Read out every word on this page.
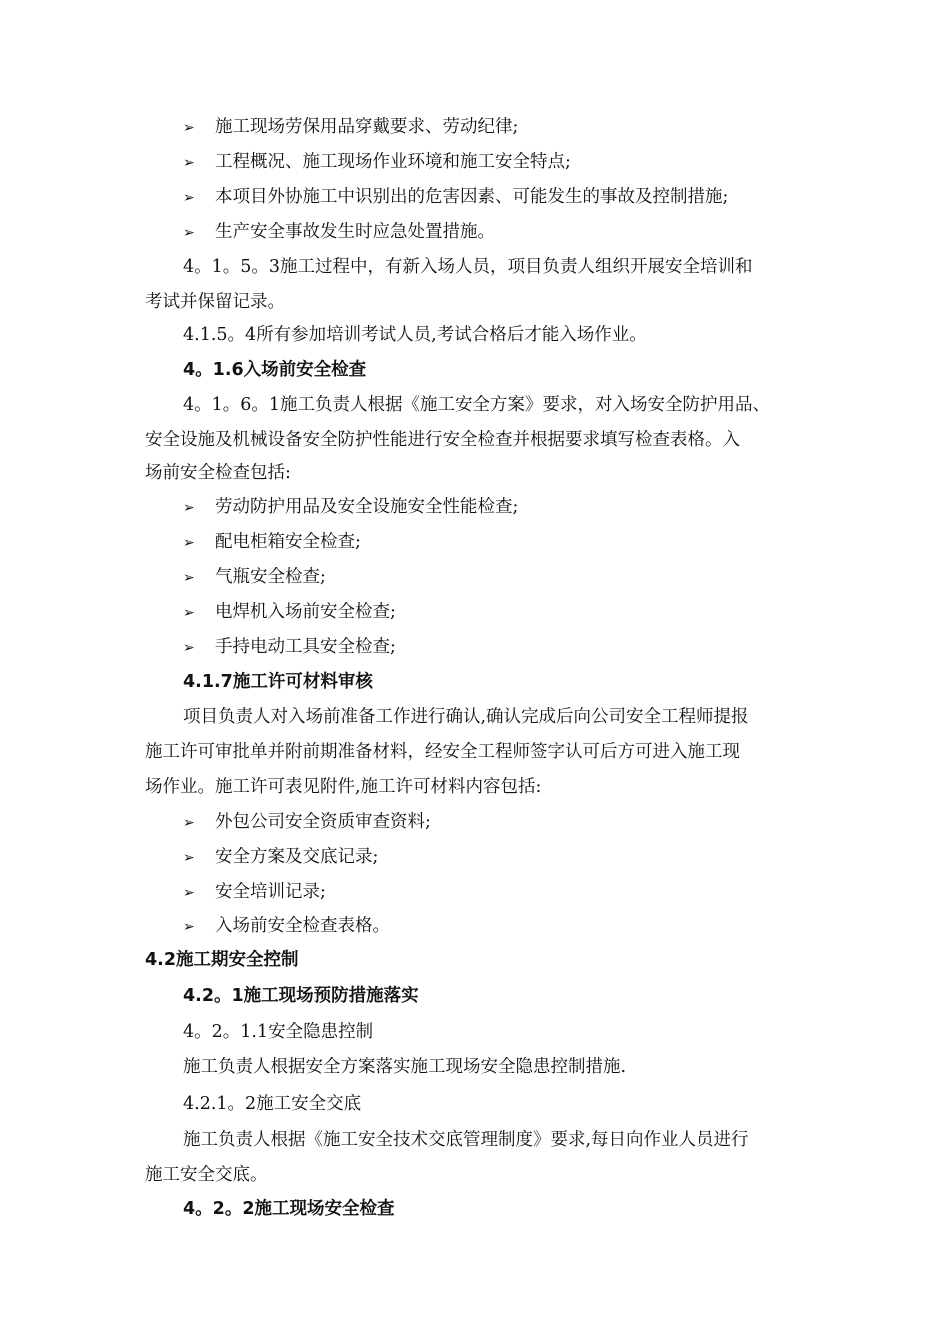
➢ 施工现场劳保用品穿戴要求、劳动纪律;
➢ 工程概况、施工现场作业环境和施工安全特点;
➢ 本项目外协施工中识别出的危害因素、可能发生的事故及控制措施;
➢ 生产安全事故发生时应急处置措施。
4。1。5。3施工过程中，有新入场人员，项目负责人组织开展安全培训和
考试并保留记录。
4.1.5。4所有参加培训考试人员,考试合格后才能入场作业。
4。1.6入场前安全检查
4。1。6。1施工负责人根据《施工安全方案》要求，对入场安全防护用品、
安全设施及机械设备安全防护性能进行安全检查并根据要求填写检查表格。入
场前安全检查包括:
➢ 劳动防护用品及安全设施安全性能检查;
➢ 配电柜箱安全检查;
➢ 气瓶安全检查;
➢ 电焊机入场前安全检查;
➢ 手持电动工具安全检查;
4.1.7施工许可材料审核
项目负责人对入场前准备工作进行确认,确认完成后向公司安全工程师提报
施工许可审批单并附前期准备材料，经安全工程师签字认可后方可进入施工现
场作业。施工许可表见附件,施工许可材料内容包括:
➢ 外包公司安全资质审查资料;
➢ 安全方案及交底记录;
➢ 安全培训记录;
➢ 入场前安全检查表格。
4.2施工期安全控制
4.2。1施工现场预防措施落实
4。2。1.1安全隐患控制
施工负责人根据安全方案落实施工现场安全隐患控制措施.
4.2.1。2施工安全交底
施工负责人根据《施工安全技术交底管理制度》要求,每日向作业人员进行
施工安全交底。
4。2。2施工现场安全检查
